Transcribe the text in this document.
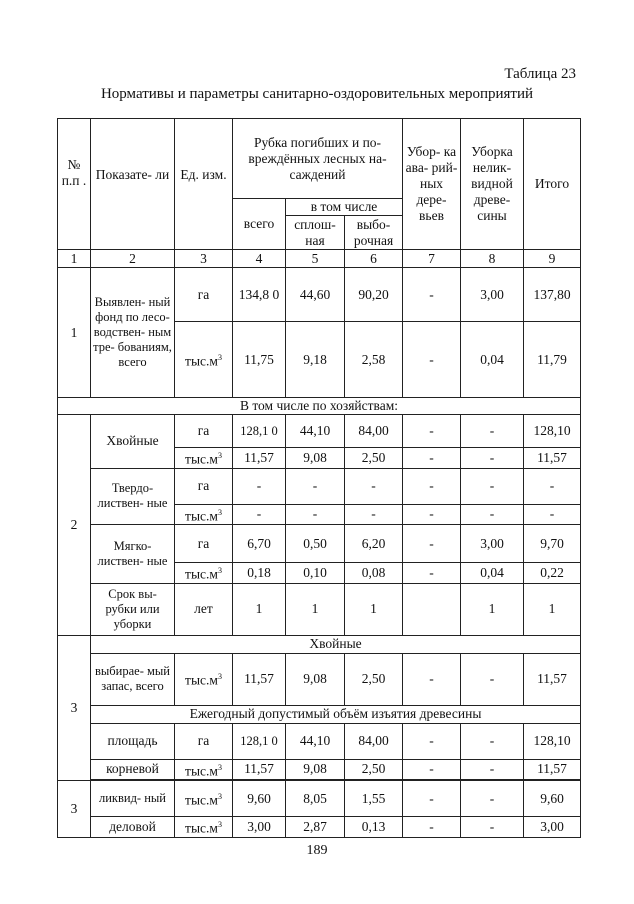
Таблица 23
Нормативы и параметры санитарно-оздоровительных мероприятий
№ п.п .	Показате- ли	Ед. изм.	Рубка погибших и по- вреждённых лесных на- саждений			Убор- ка ава- рий- ных дере- вьев	Уборка нелик- видной древе- сины	Итого
			всего	в том числе				
				сплош- ная	выбо- рочная			
1	2	3	4	5	6	7	8	9
1	Выявлен- ный фонд по лесо- водствен- ным тре- бованиям, всего	га	134,8 0	44,60	90,20	-	3,00	137,80
		$тыс.м^3$	11,75	9,18	2,58	-	0,04	11,79
В том числе по хозяйствам:								
2	Хвойные	га	128,1 0	44,10	84,00	-	-	128,10
		$тыс.м^3$	11,57	9,08	2,50	-	-	11,57
	Твердо- листвен- ные	га	-	-	-	-	-	-
		$тыс.м^3$	-	-	-	-	-	-
	Мягко- листвен- ные	га	6,70	0,50	6,20	-	3,00	9,70
		$тыс.м^3$	0,18	0,10	0,08	-	0,04	0,22
	Срок вы- рубки или уборки	лет	1	1	1		1	1
3	Хвойные							
	выбирае- мый запас, всего	$тыс.м^3$	11,57	9,08	2,50	-	-	11,57
	Ежегодный допустимый объём изъятия древесины							
	площадь	га	128,1 0	44,10	84,00	-	-	128,10
	корневой	$тыс.м^3$	11,57	9,08	2,50	-	-	11,57

3	ликвид- ный	$тыс.м^3$	9,60	8,05	1,55	-	-	9,60
	деловой	$тыс.м^3$	3,00	2,87	0,13	-	-	3,00
189
